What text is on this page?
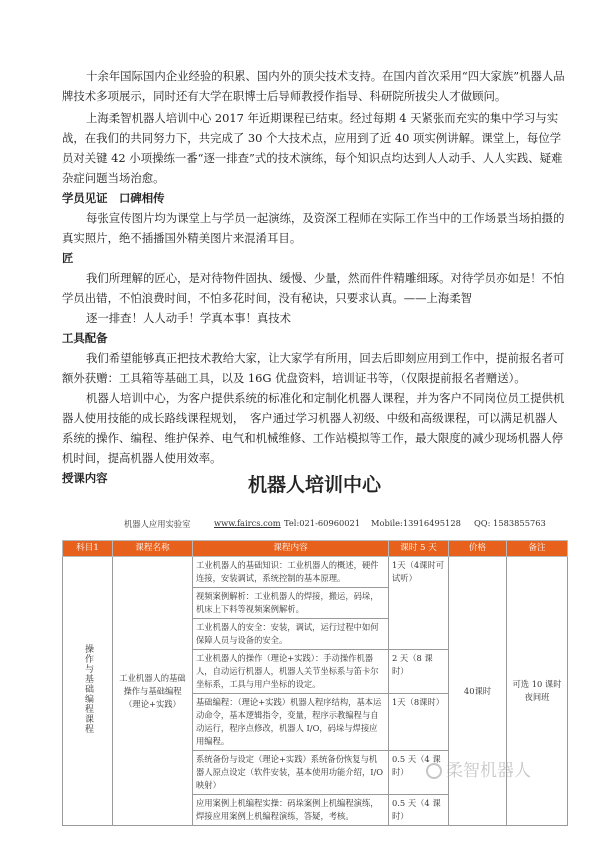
十余年国际国内企业经验的积累、国内外的顶尖技术支持。在国内首次采用“四大家族”机器人品牌技术多项展示，同时还有大学在职博士后导师教授作指导、科研院所拔尖人才做顾问。

上海柔智机器人培训中心 2017 年近期课程已结束。经过每期 4 天紧张而充实的集中学习与实战，在我们的共同努力下，共完成了 30 个大技术点，应用到了近 40 项实例讲解。课堂上，每位学员对关键 42 小项操练一番“逐一排查”式的技术演练，每个知识点均达到人人动手、人人实践、疑难杂症问题当场治愈。

学员见证　口碑相传

每张宣传图片均为课堂上与学员一起演练，及资深工程师在实际工作当中的工作场景当场拍摄的真实照片，绝不插播国外精美图片来混淆耳目。

匠

我们所理解的匠心，是对待物件固执、缓慢、少量，然而件件精雕细琢。对待学员亦如是！不怕学员出错，不怕浪费时间，不怕多花时间，没有秘诀，只要求认真。——上海柔智

逐一排查！人人动手！学真本事！真技术

工具配备

我们希望能够真正把技术教给大家，让大家学有所用，回去后即刻应用到工作中，提前报名者可额外获赠：工具箱等基础工具，以及 16G 优盘资料，培训证书等，（仅限提前报名者赠送）。

机器人培训中心，为客户提供系统的标准化和定制化机器人课程，并为客户不同岗位员工提供机器人使用技能的成长路线课程规划，　客户通过学习机器人初级、中级和高级课程，可以满足机器人系统的操作、编程、维护保养、电气和机械维修、工作站模拟等工作，最大限度的减少现场机器人停机时间，提高机器人使用效率。

授课内容	机器人培训中心
机器人应用实验室	www.faircs.com Tel:021-60960021 Mobile:13916495128 QQ: 1583855763
科目1	课程名称	课程内容	课时 5 天	价格	备注
操作与基础编程课程	工业机器人的基础操作与基础编程（理论+实践）	工业机器人的基础知识：工业机器人的概述，硬件连接，安装调试，系统控制的基本原理。	1天（4课时可试听）	40课时	可选 10 课时夜间班
		视频案例解析：工业机器人的焊接，搬运，码垛，机床上下料等视频案例解析。			
		工业机器人的安全：安装，调试，运行过程中如何保障人员与设备的安全。			
		工业机器人的操作（理论+实践）：手动操作机器人，自动运行机器人，机器人关节坐标系与笛卡尔坐标系，工具与用户坐标的设定。	2 天（8 课时）		
		基础编程：（理论+实践）机器人程序结构，基本运动命令，基本逻辑指令，变量，程序示教编程与自动运行，程序点修改，机器人 I/O，码垛与焊接应用编程。	1天（8课时）		
		系统备份与设定（理论+实践）系统备份恢复与机器人原点设定（软件安装，基本使用功能介绍，I/O 映射）	0.5 天（4 课时）		
		应用案例上机编程实操：码垛案例上机编程演练，焊接应用案例上机编程演练，答疑，考核。	0.5 天（4 课时）		
柔智机器人
